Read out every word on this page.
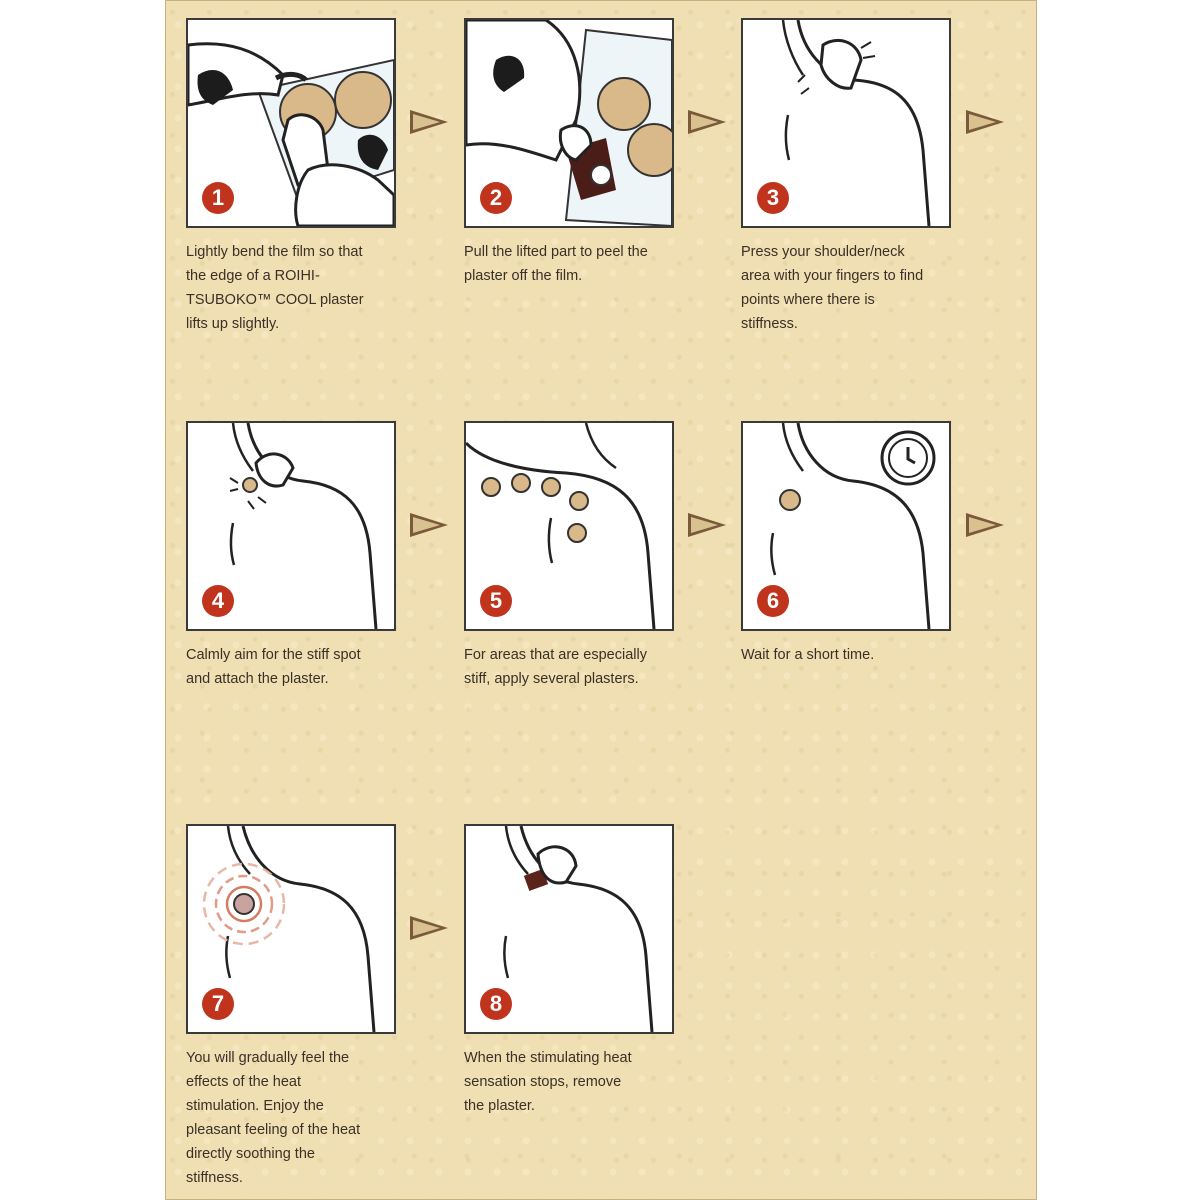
1
Lightly bend the film so that
the edge of a ROIHI-
TSUBOKO™ COOL plaster
lifts up slightly.
2
Pull the lifted part to peel the
plaster off the film.
3
Press your shoulder/neck
area with your fingers to find
points where there is
stiffness.
4
Calmly aim for the stiff spot
and attach the plaster.
5
For areas that are especially
stiff, apply several plasters.
6
Wait for a short time.
7
You will gradually feel the
effects of the heat
stimulation. Enjoy the
pleasant feeling of the heat
directly soothing the
stiffness.
8
When the stimulating heat
sensation stops, remove
the plaster.
